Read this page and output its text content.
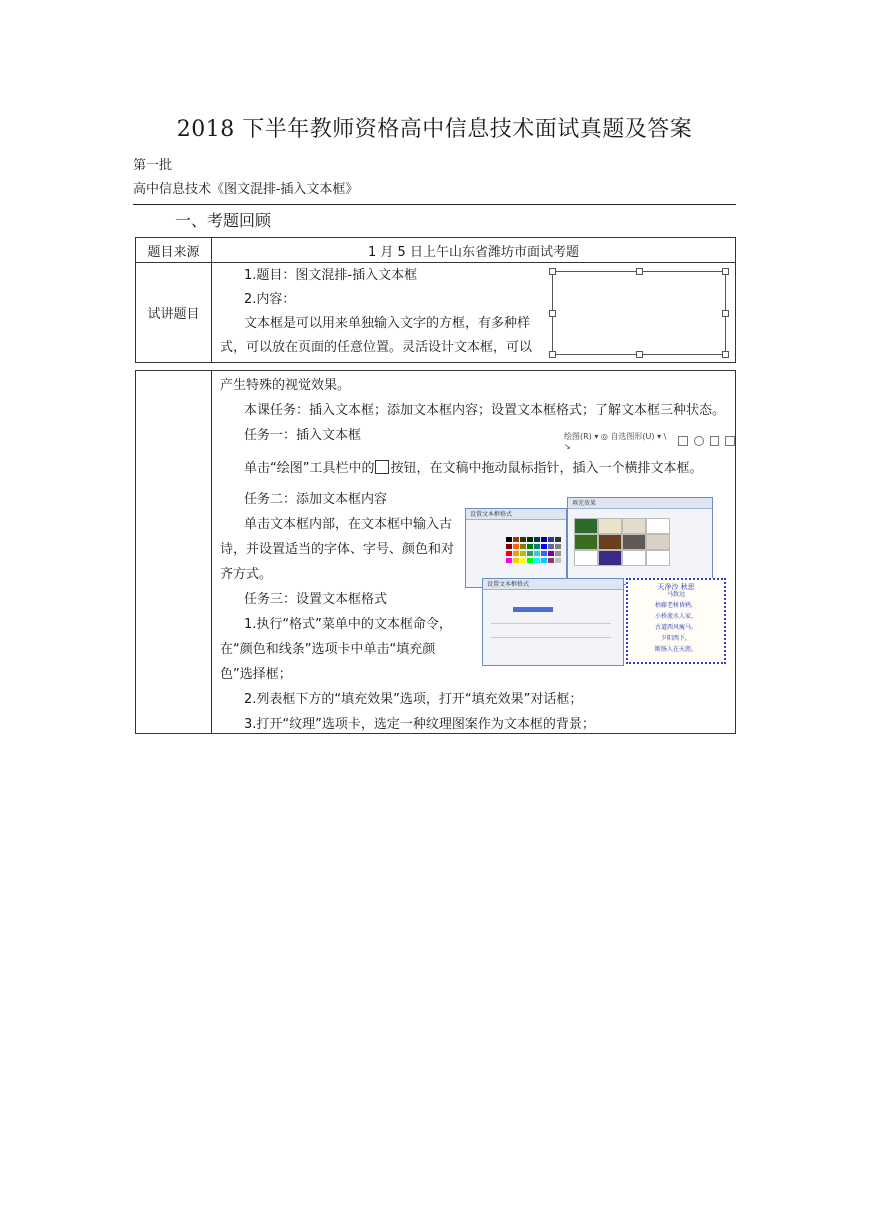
2018 下半年教师资格高中信息技术面试真题及答案
第一批
高中信息技术《图文混排-插入文本框》
一、考题回顾
题目来源	1 月 5 日上午山东省潍坊市面试考题
试讲题目	1.题目：图文混排-插入文本框
2.内容：
文本框是可以用来单独输入文字的方框，有多种样
式，可以放在页面的任意位置。灵活设计文本框，可以

产生特殊的视觉效果。
本课任务：插入文本框；添加文本框内容；设置文本框格式；了解文本框三种状态。
任务一：插入文本框	绘图(R) ▾ ◎ 自选图形(U) ▾ \ ↘
单击“绘图”工具栏中的 按钮，在文稿中拖动鼠标指针，插入一个横排文本框。
任务二：添加文本框内容
单击文本框内部，在文本框中输入古
诗，并设置适当的字体、字号、颜色和对
齐方式。
任务三：设置文本框格式
1.执行“格式”菜单中的文本框命令，
在“颜色和线条”选项卡中单击“填充颜
色”选择框；
2.列表框下方的“填充效果”选项，打开“填充效果”对话框；
3.打开“纹理”选项卡，选定一种纹理图案作为文本框的背景；
设置文本框格式
填充效果
设置文本框格式	天净沙 秋思
马致远
枯藤老树昏鸦，
小桥流水人家，
古道西风瘦马。
夕阳西下，
断肠人在天涯。
